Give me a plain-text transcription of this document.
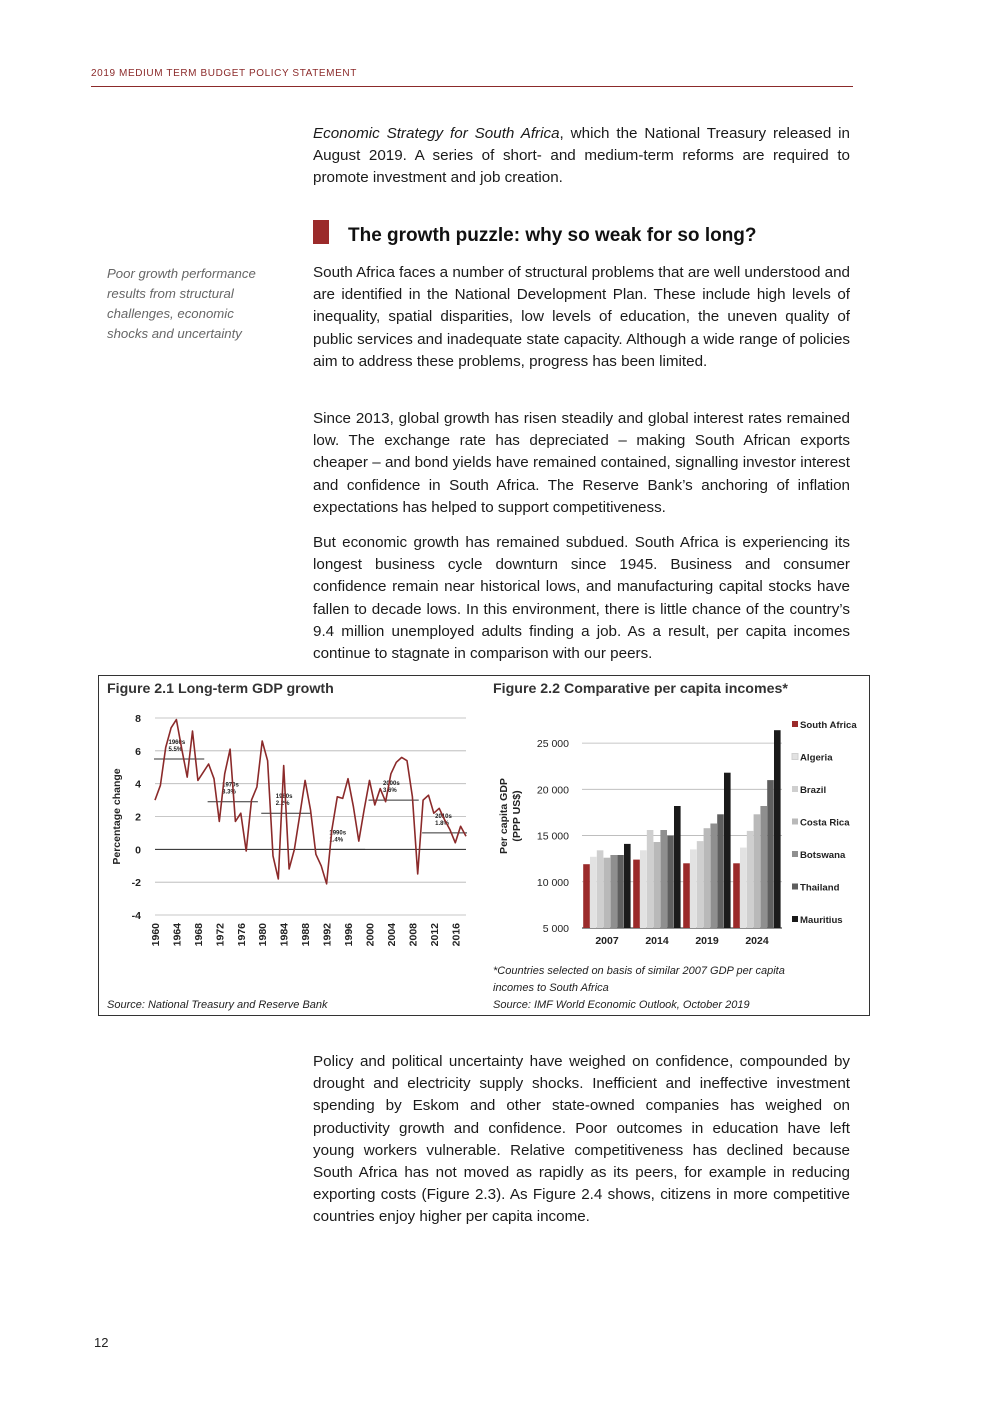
2019 MEDIUM TERM BUDGET POLICY STATEMENT

Economic Strategy for South Africa, which the National Treasury released in August 2019. A series of short- and medium-term reforms are required to promote investment and job creation.

The growth puzzle: why so weak for so long?
Poor growth performance results from structural challenges, economic shocks and uncertainty

South Africa faces a number of structural problems that are well understood and are identified in the National Development Plan. These include high levels of inequality, spatial disparities, low levels of education, the uneven quality of public services and inadequate state capacity. Although a wide range of policies aim to address these problems, progress has been limited.

Since 2013, global growth has risen steadily and global interest rates remained low. The exchange rate has depreciated – making South African exports cheaper – and bond yields have remained contained, signalling investor interest and confidence in South Africa. The Reserve Bank’s anchoring of inflation expectations has helped to support competitiveness.

But economic growth has remained subdued. South Africa is experiencing its longest business cycle downturn since 1945. Business and consumer confidence remain near historical lows, and manufacturing capital stocks have fallen to decade lows. In this environment, there is little chance of the country’s 9.4 million unemployed adults finding a job. As a result, per capita incomes continue to stagnate in comparison with our peers.

Figure 2.1 Long-term GDP growth	Figure 2.2 Comparative per capita incomes*
-4
-2
0
2
4
6
8
Percentage change
1960 1964 1968 1972 1976 1980 1984 1988 1992 1996 2000 2004 2008 2012 2016
1960s
5.5%
1970s
3.3%
1980s
2.2%
1990s
1.4%
2000s
3.6%
2010s
1.8%
5 000
10 000
15 000
20 000
25 000
Per capita GDP (PPP US$)
2007	2014	2019	2024
South Africa
Algeria
Brazil
Costa Rica
Botswana
Thailand
Mauritius
Source: National Treasury and Reserve Bank
*Countries selected on basis of similar 2007 GDP per capita
incomes to South Africa
Source: IMF World Economic Outlook, October 2019

Policy and political uncertainty have weighed on confidence, compounded by drought and electricity supply shocks. Inefficient and ineffective investment spending by Eskom and other state-owned companies has weighed on productivity growth and confidence. Poor outcomes in education have left young workers vulnerable. Relative competitiveness has declined because South Africa has not moved as rapidly as its peers, for example in reducing exporting costs (Figure 2.3). As Figure 2.4 shows, citizens in more competitive countries enjoy higher per capita income.

12
